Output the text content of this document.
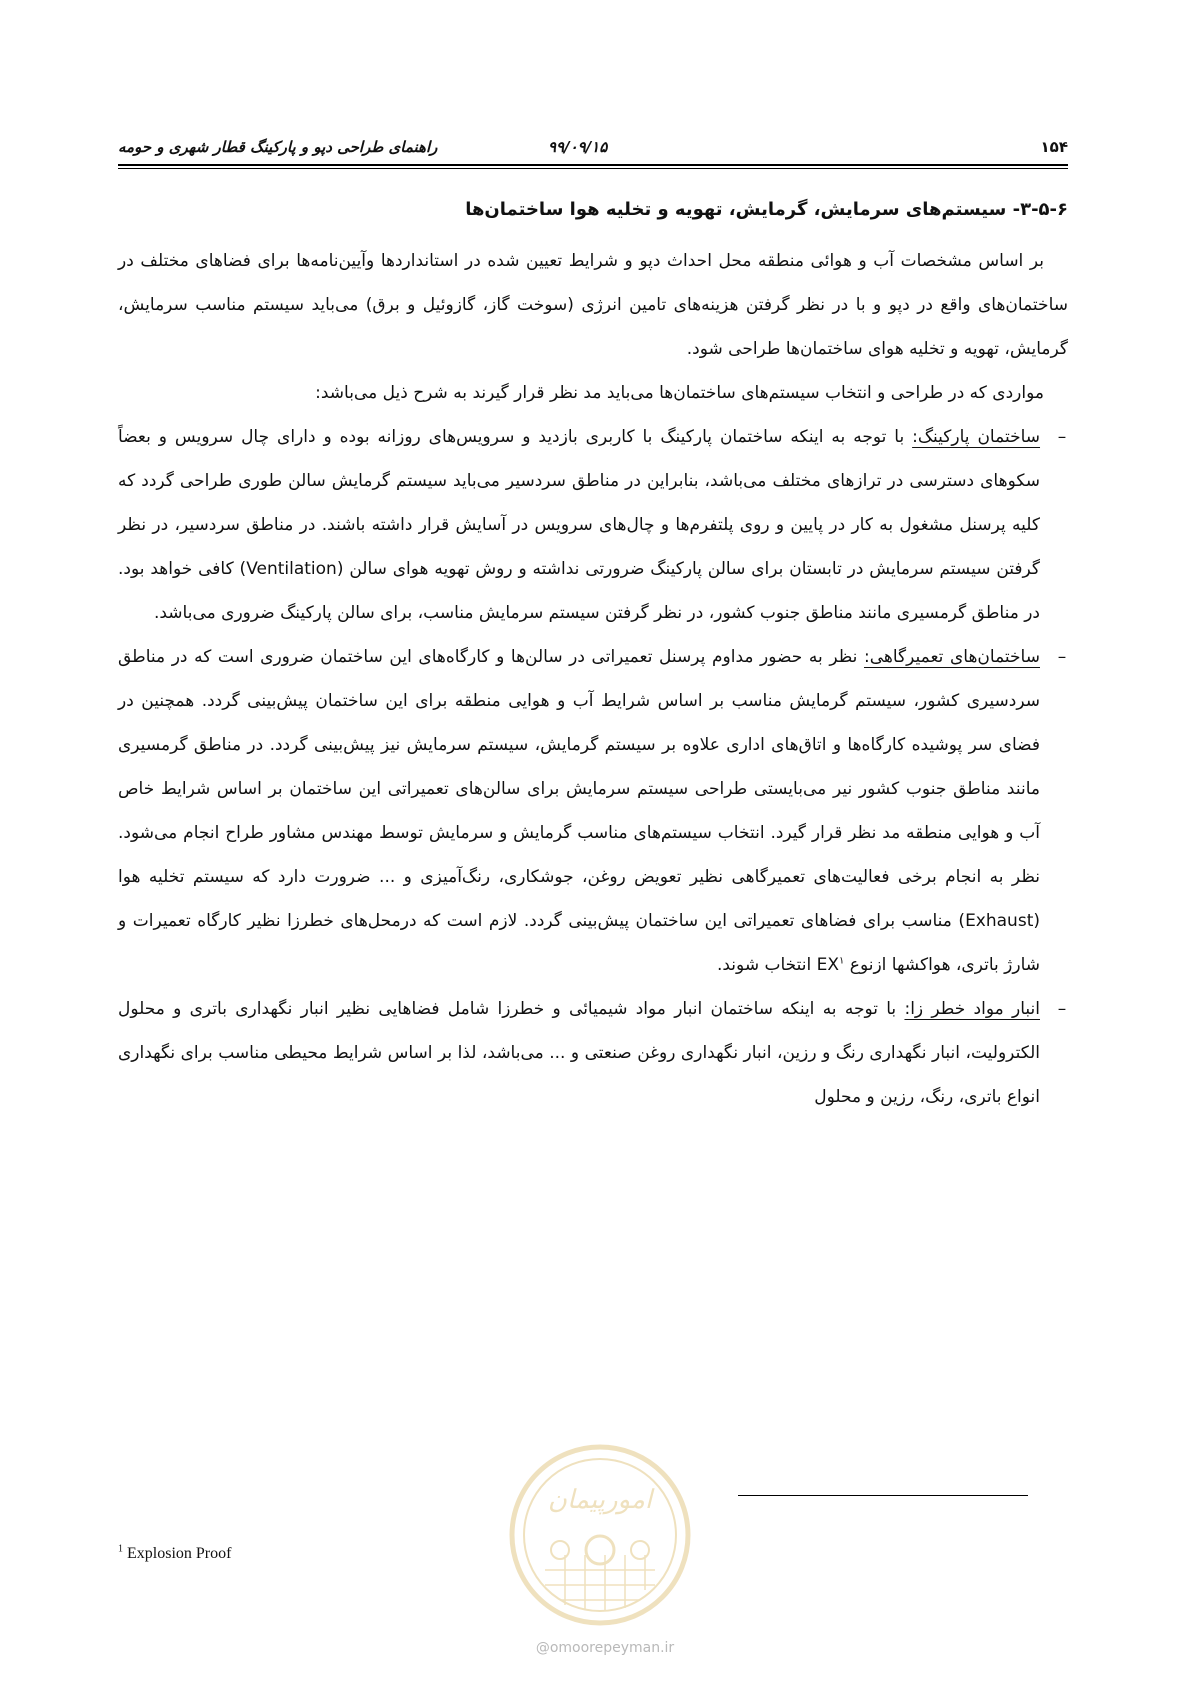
۱۵۴
۹۹/۰۹/۱۵
راهنمای طراحی دپو و پارکینگ قطار شهری و حومه
۳-۵-۶- سیستم‌های سرمایش، گرمایش، تهویه و تخلیه هوا ساختمان‌ها

بر اساس مشخصات آب و هوائی منطقه محل احداث دپو و شرایط تعیین شده در استانداردها وآیین‌نامه‌ها برای فضاهای مختلف در ساختمان‌های واقع در دپو و با در نظر گرفتن هزینه‌های تامین انرژی (سوخت گاز، گازوئیل و برق) می‌باید سیستم مناسب سرمایش، گرمایش، تهویه و تخلیه هوای ساختمان‌ها طراحی شود.

مواردی که در طراحی و انتخاب سیستم‌های ساختمان‌ها می‌باید مد نظر قرار گیرند به شرح ذیل می‌باشد:

–
ساختمان پارکینگ: با توجه به اینکه ساختمان پارکینگ با کاربری بازدید و سرویس‌های روزانه بوده و دارای چال سرویس و بعضاً سکوهای دسترسی در ترازهای مختلف می‌باشد، بنابراین در مناطق سردسیر می‌باید سیستم گرمایش سالن طوری طراحی گردد که کلیه پرسنل مشغول به کار در پایین و روی پلتفرم‌ها و چال‌های سرویس در آسایش قرار داشته باشند. در مناطق سردسیر، در نظر گرفتن سیستم سرمایش در تابستان برای سالن پارکینگ ضرورتی نداشته و روش تهویه هوای سالن (Ventilation) کافی خواهد بود. در مناطق گرمسیری مانند مناطق جنوب کشور، در نظر گرفتن سیستم سرمایش مناسب، برای سالن پارکینگ ضروری می‌باشد.
–
ساختمان‌های تعمیرگاهی: نظر به حضور مداوم پرسنل تعمیراتی در سالن‌ها و کارگاه‌های این ساختمان ضروری است که در مناطق سردسیری کشور، سیستم گرمایش مناسب بر اساس شرایط آب و هوایی منطقه برای این ساختمان پیش‌بینی گردد. همچنین در فضای سر پوشیده کارگاه‌ها و اتاق‌های اداری علاوه بر سیستم گرمایش، سیستم سرمایش نیز پیش‌بینی گردد. در مناطق گرمسیری مانند مناطق جنوب کشور نیر می‌بایستی طراحی سیستم سرمایش برای سالن‌های تعمیراتی این ساختمان بر اساس شرایط خاص آب و هوایی منطقه مد نظر قرار گیرد. انتخاب سیستم‌های مناسب گرمایش و سرمایش توسط مهندس مشاور طراح انجام می‌شود. نظر به انجام برخی فعالیت‌های تعمیرگاهی نظیر تعویض روغن، جوشکاری، رنگ‌آمیزی و ... ضرورت دارد که سیستم تخلیه هوا (Exhaust) مناسب برای فضاهای تعمیراتی این ساختمان پیش‌بینی گردد. لازم است که درمحل‌های خطرزا نظیر کارگاه تعمیرات و شارژ باتری، هواکشها ازنوع $EX^۱$ انتخاب شوند.
–
انبار مواد خطر زا: با توجه به اینکه ساختمان انبار مواد شیمیائی و خطرزا شامل فضاهایی نظیر انبار نگهداری باتری و محلول الکترولیت، انبار نگهداری رنگ و رزین، انبار نگهداری روغن صنعتی و ... می‌باشد، لذا بر اساس شرایط محیطی مناسب برای نگهداری انواع باتری، رنگ، رزین و محلول
$^1$ Explosion Proof
امورپیمان
@omoorepeyman.ir
